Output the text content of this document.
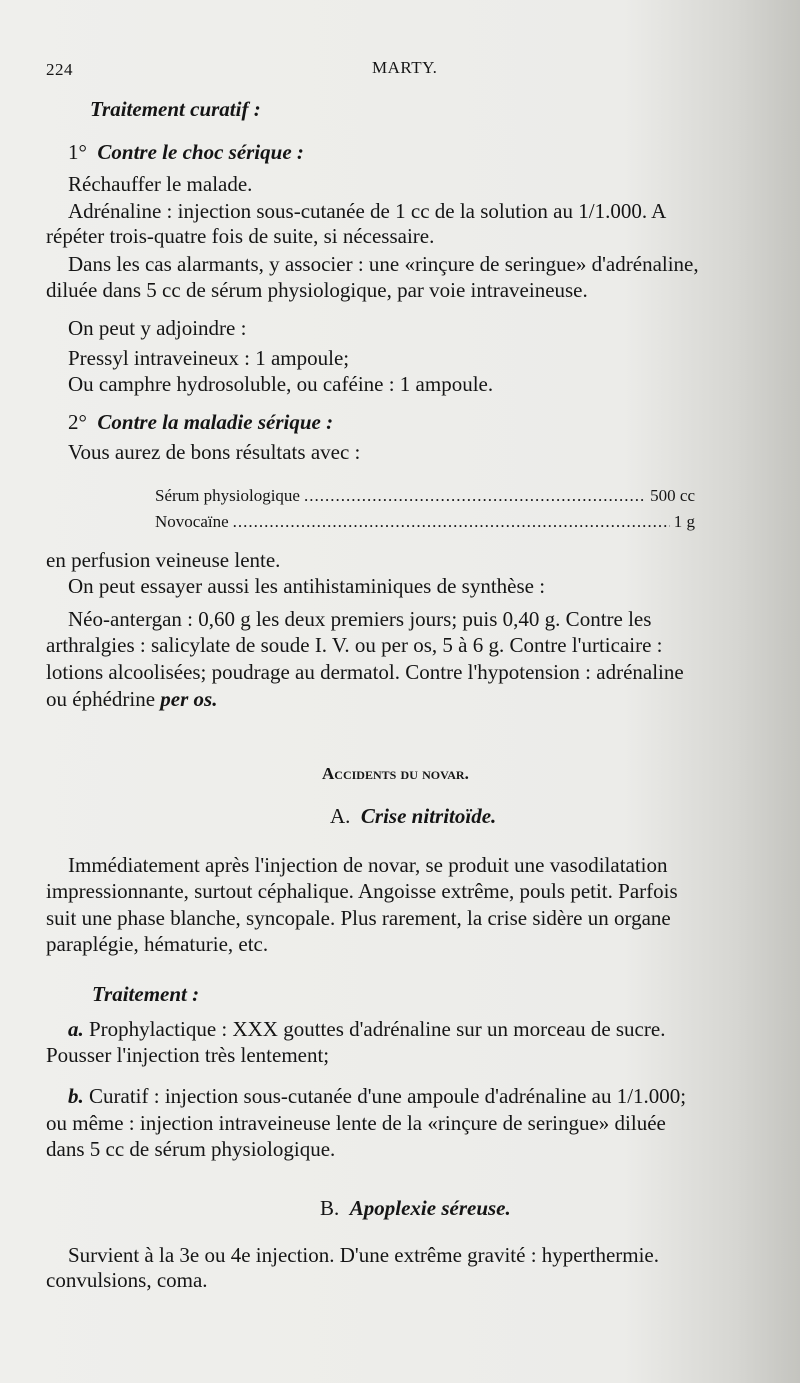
224	MARTY.
Traitement curatif :
1° Contre le choc sérique :
Réchauffer le malade.
Adrénaline : injection sous-cutanée de 1 cc de la solution au 1/1.000. A
répéter trois-quatre fois de suite, si nécessaire.
Dans les cas alarmants, y associer : une «rinçure de seringue» d'adrénaline,
diluée dans 5 cc de sérum physiologique, par voie intraveineuse.
On peut y adjoindre :
Pressyl intraveineux : 1 ampoule;
Ou camphre hydrosoluble, ou caféine : 1 ampoule.
2° Contre la maladie sérique :
Vous aurez de bons résultats avec :
Sérum physiologique .....	500 cc
Novocaïne .....	1 g
en perfusion veineuse lente.
On peut essayer aussi les antihistaminiques de synthèse :
Néo-antergan : 0,60 g les deux premiers jours; puis 0,40 g. Contre les
arthralgies : salicylate de soude I. V. ou per os, 5 à 6 g. Contre l'urticaire :
lotions alcoolisées; poudrage au dermatol. Contre l'hypotension : adrénaline
ou éphédrine per os.
Accidents du novar.
A. Crise nitritoïde.
Immédiatement après l'injection de novar, se produit une vasodilatation
impressionnante, surtout céphalique. Angoisse extrême, pouls petit. Parfois
suit une phase blanche, syncopale. Plus rarement, la crise sidère un organe
paraplégie, hématurie, etc.
Traitement :
a. Prophylactique : XXX gouttes d'adrénaline sur un morceau de sucre.
Pousser l'injection très lentement;
b. Curatif : injection sous-cutanée d'une ampoule d'adrénaline au 1/1.000;
ou même : injection intraveineuse lente de la «rinçure de seringue» diluée
dans 5 cc de sérum physiologique.
B. Apoplexie séreuse.
Survient à la 3e ou 4e injection. D'une extrême gravité : hyperthermie.
convulsions, coma.
